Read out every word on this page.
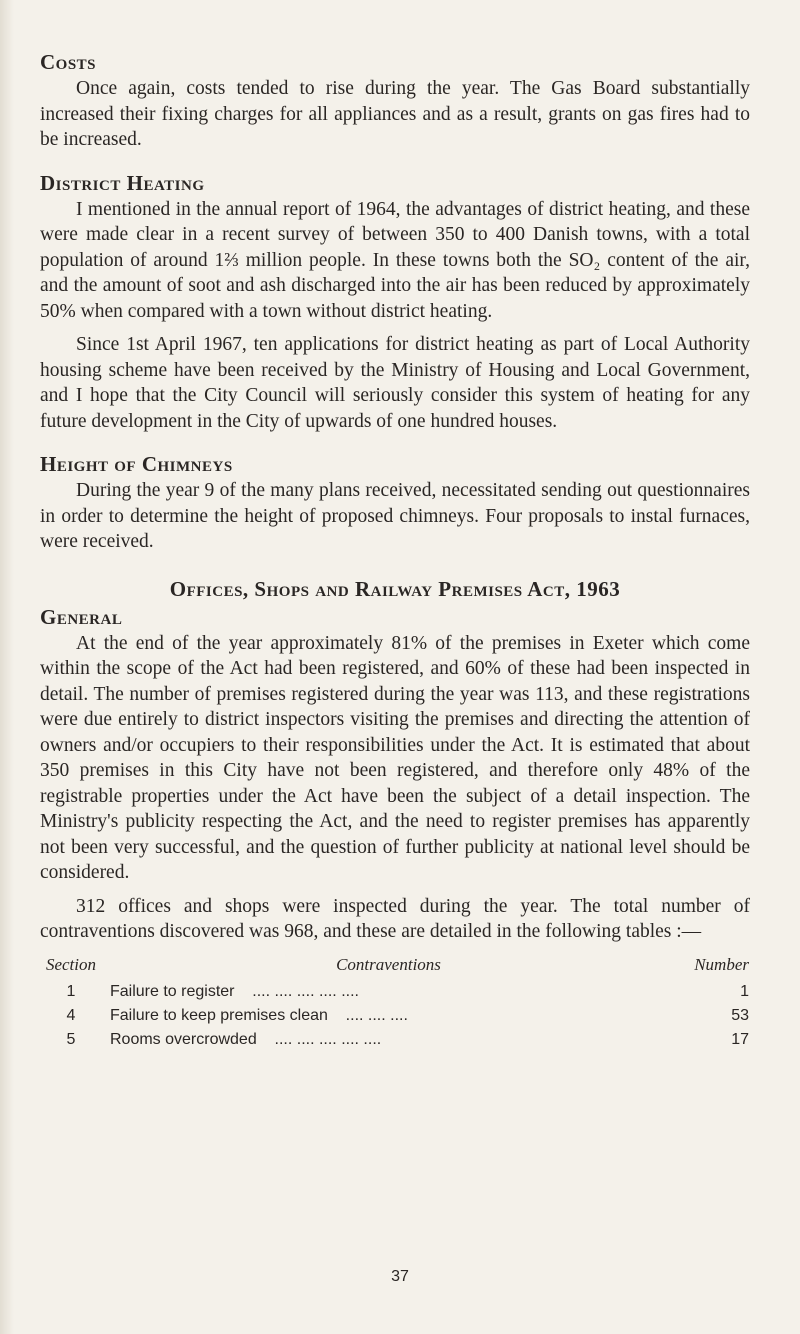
Costs

Once again, costs tended to rise during the year. The Gas Board substantially increased their fixing charges for all appliances and as a result, grants on gas fires had to be increased.

District Heating

I mentioned in the annual report of 1964, the advantages of district heating, and these were made clear in a recent survey of between 350 to 400 Danish towns, with a total population of around 1⅔ million people. In these towns both the SO₂ content of the air, and the amount of soot and ash discharged into the air has been reduced by approximately 50% when compared with a town without district heating.

Since 1st April 1967, ten applications for district heating as part of Local Authority housing scheme have been received by the Ministry of Housing and Local Government, and I hope that the City Council will seriously consider this system of heating for any future development in the City of upwards of one hundred houses.

Height of Chimneys

During the year 9 of the many plans received, necessitated sending out questionnaires in order to determine the height of proposed chimneys. Four proposals to instal furnaces, were received.

Offices, Shops and Railway Premises Act, 1963
General

At the end of the year approximately 81% of the premises in Exeter which come within the scope of the Act had been registered, and 60% of these had been inspected in detail. The number of premises registered during the year was 113, and these registrations were due entirely to district inspectors visiting the premises and directing the attention of owners and/or occupiers to their responsibilities under the Act. It is estimated that about 350 premises in this City have not been registered, and therefore only 48% of the registrable properties under the Act have been the subject of a detail inspection. The Ministry's publicity respecting the Act, and the need to register premises has apparently not been very successful, and the question of further publicity at national level should be considered.

312 offices and shops were inspected during the year. The total number of contraventions discovered was 968, and these are detailed in the following tables :—

Section	Contraventions	Number
1	Failure to register .... .... .... .... ....	1
4	Failure to keep premises clean .... .... ....	53
5	Rooms overcrowded .... .... .... .... ....	17
37
